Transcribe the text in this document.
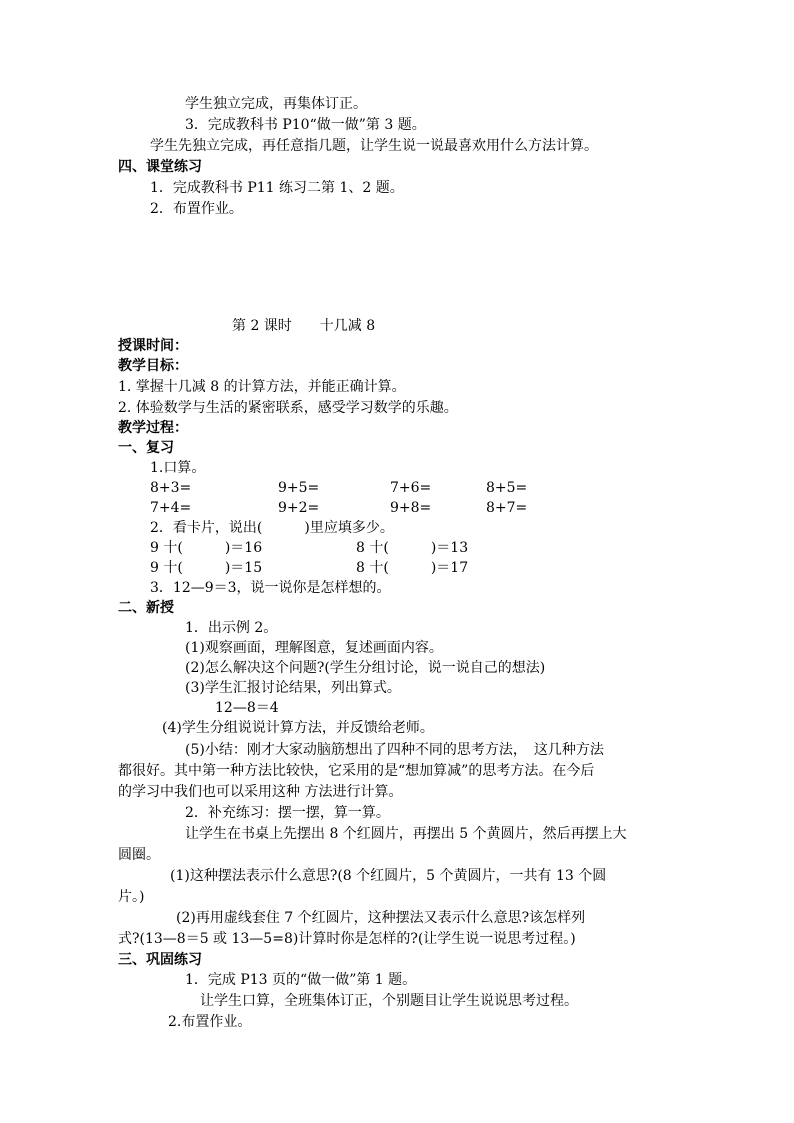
学生独立完成，再集体订正。
3．完成教科书 P10“做一做”第 3 题。
学生先独立完成，再任意指几题，让学生说一说最喜欢用什么方法计算。
四、课堂练习
1．完成教科书 P11 练习二第 1、2 题。
2．布置作业。
第 2 课时　　十几减 8
授课时间：
教学目标：
1. 掌握十几减 8 的计算方法，并能正确计算。
2. 体验数学与生活的紧密联系，感受学习数学的乐趣。
教学过程：
一、复习
1.口算。
8+3=	9+5=	7+6=	8+5=
7+4=	9+2=	9+8=	8+7=
2．看卡片，说出(　　　)里应填多少。
9 十(　　　)＝16	8 十(　　　)＝13
9 十(　　　)＝15	8 十(　　　)＝17
3．12—9＝3，说一说你是怎样想的。
二、新授
1．出示例 2。
(1)观察画面，理解图意，复述画面内容。
(2)怎么解决这个问题?(学生分组讨论，说一说自己的想法)
(3)学生汇报讨论结果，列出算式。
12—8＝4
(4)学生分组说说计算方法，并反馈给老师。
(5)小结：刚才大家动脑筋想出了四种不同的思考方法，　这几种方法
都很好。其中第一种方法比较快，它采用的是“想加算减”的思考方法。在今后
的学习中我们也可以采用这种 方法进行计算。
2．补充练习：摆一摆，算一算。
让学生在书桌上先摆出 8 个红圆片，再摆出 5 个黄圆片，然后再摆上大
圆圈。
(1)这种摆法表示什么意思?(8 个红圆片，5 个黄圆片，一共有 13 个圆
片。)
(2)再用虚线套住 7 个红圆片，这种摆法又表示什么意思?该怎样列
式?(13—8＝5 或 13—5=8)计算时你是怎样的?(让学生说一说思考过程。)
三、巩固练习
1．完成 P13 页的“做一做”第 1 题。
让学生口算，全班集体订正，个别题目让学生说说思考过程。
2.布置作业。
